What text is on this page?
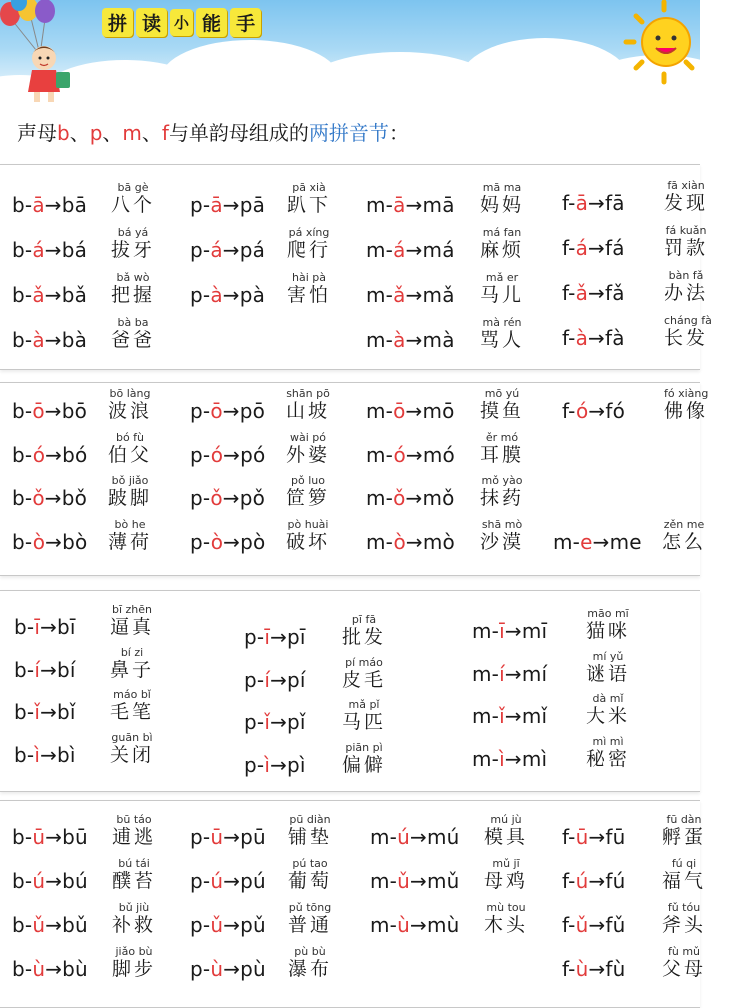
拼 读 小 能 手
声母b、p、m、f与单韵母组成的两拼音节：
b-ā→bā
bā gè
八个
b-á→bá
bá yá
拔牙
b-ǎ→bǎ
bǎ wò
把握
b-à→bà
bà ba
爸爸
p-ā→pā
pā xià
趴下
p-á→pá
pá xíng
爬行
p-à→pà
hài pà
害怕
m-ā→mā
mā ma
妈妈
m-á→má
má fan
麻烦
m-ǎ→mǎ
mǎ er
马儿
m-à→mà
mà rén
骂人
f-ā→fā
fā xiàn
发现
f-á→fá
fá kuǎn
罚款
f-ǎ→fǎ
bàn fǎ
办法
f-à→fà
cháng fà
长发
b-ō→bō
bō làng
波浪
b-ó→bó
bó fù
伯父
b-ǒ→bǒ
bǒ jiǎo
跛脚
b-ò→bò
bò he
薄荷
p-ō→pō
shān pō
山坡
p-ó→pó
wài pó
外婆
p-ǒ→pǒ
pǒ luo
笸箩
p-ò→pò
pò huài
破坏
m-ō→mō
mō yú
摸鱼
m-ó→mó
ěr mó
耳膜
m-ǒ→mǒ
mǒ yào
抹药
m-ò→mò
shā mò
沙漠
f-ó→fó
fó xiàng
佛像
m-e→me
zěn me
怎么
b-ī→bī
bī zhēn
逼真
b-í→bí
bí zi
鼻子
b-ǐ→bǐ
máo bǐ
毛笔
b-ì→bì
guān bì
关闭
p-ī→pī
pī fā
批发
p-í→pí
pí máo
皮毛
p-ǐ→pǐ
mǎ pǐ
马匹
p-ì→pì
piān pì
偏僻
m-ī→mī
māo mī
猫咪
m-í→mí
mí yǔ
谜语
m-ǐ→mǐ
dà mǐ
大米
m-ì→mì
mì mì
秘密
b-ū→bū
bū táo
逋逃
b-ú→bú
bú tái
醭苔
b-ǔ→bǔ
bǔ jiù
补救
b-ù→bù
jiǎo bù
脚步
p-ū→pū
pū diàn
铺垫
p-ú→pú
pú tao
葡萄
p-ǔ→pǔ
pǔ tōng
普通
p-ù→pù
pù bù
瀑布
m-ú→mú
mú jù
模具
m-ǔ→mǔ
mǔ jī
母鸡
m-ù→mù
mù tou
木头
f-ū→fū
fū dàn
孵蛋
f-ú→fú
fú qi
福气
f-ǔ→fǔ
fǔ tóu
斧头
f-ù→fù
fù mǔ
父母
